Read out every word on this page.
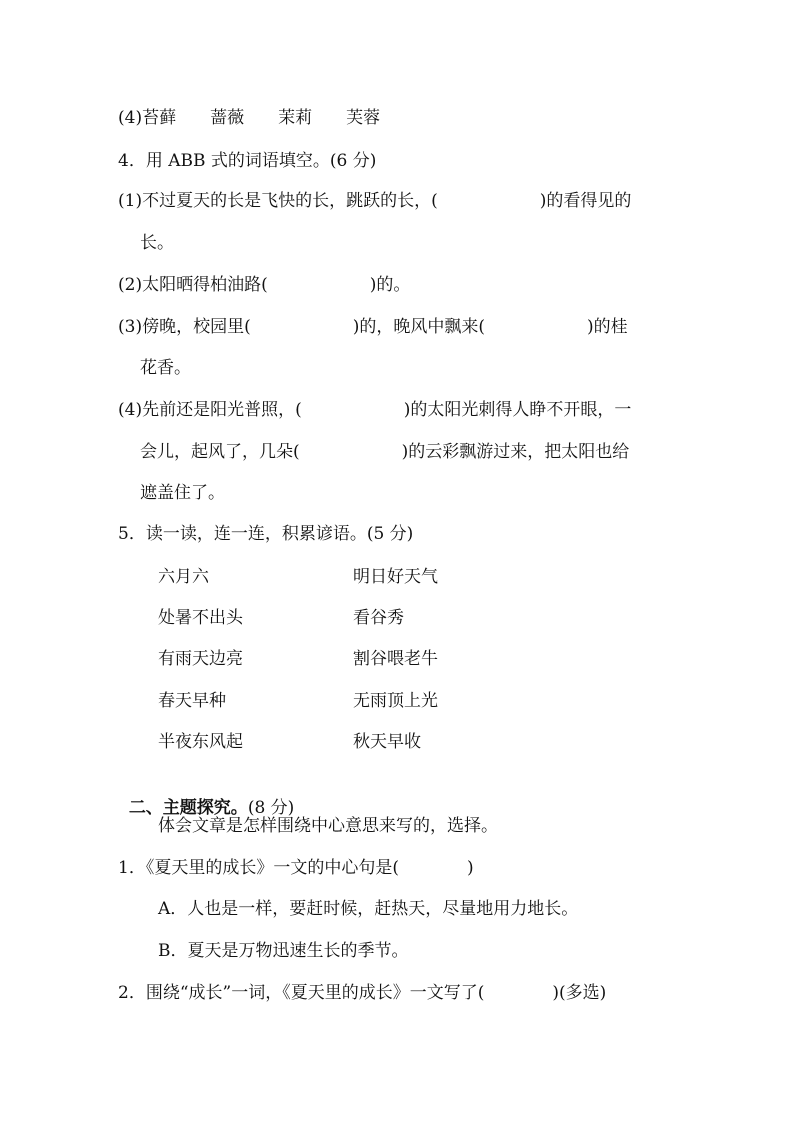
(4)苔藓　　蔷薇　　茉莉　　芙蓉
4．用 ABB 式的词语填空。(6 分)
(1)不过夏天的长是飞快的长，跳跃的长，(　　　　　　)的看得见的
长。
(2)太阳晒得柏油路(　　　　　　)的。
(3)傍晚，校园里(　　　　　　)的，晚风中飘来(　　　　　　)的桂
花香。
(4)先前还是阳光普照，(　　　　　　)的太阳光刺得人睁不开眼，一
会儿，起风了，几朵(　　　　　　)的云彩飘游过来，把太阳也给
遮盖住了。
5．读一读，连一连，积累谚语。(5 分)
六月六	明日好天气
处暑不出头	看谷秀
有雨天边亮	割谷喂老牛
春天早种	无雨顶上光
半夜东风起	秋天早收

二、主题探究。(8 分)

体会文章是怎样围绕中心意思来写的，选择。
1．《夏天里的成长》一文的中心句是(　　　　)
A．人也是一样，要赶时候，赶热天，尽量地用力地长。
B．夏天是万物迅速生长的季节。
2．围绕“成长”一词，《夏天里的成长》一文写了(　　　　)(多选)
